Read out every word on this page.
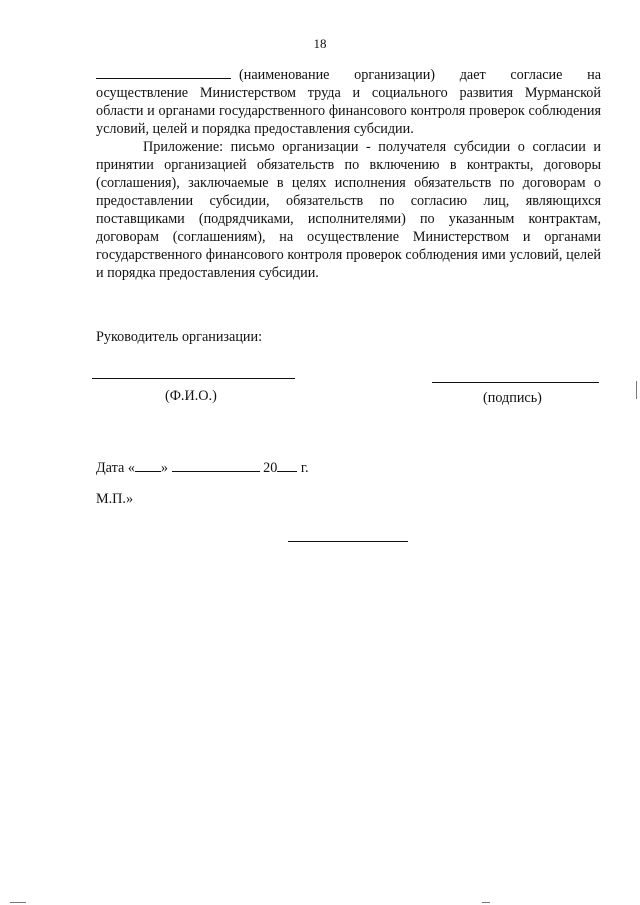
18

(наименование организации) дает согласие на осуществление Министерством труда и социального развития Мурманской области и органами государственного финансового контроля проверок соблюдения условий, целей и порядка предоставления субсидии.

Приложение: письмо организации - получателя субсидии о согласии и принятии организацией обязательств по включению в контракты, договоры (соглашения), заключаемые в целях исполнения обязательств по договорам о предоставлении субсидии, обязательств по согласию лиц, являющихся поставщиками (подрядчиками, исполнителями) по указанным контрактам, договорам (соглашениям), на осуществление Министерством и органами государственного финансового контроля проверок соблюдения ими условий, целей и порядка предоставления субсидии.

Руководитель организации:
(Ф.И.О.)	(подпись)
Дата « »	20 г.
М.П.»
